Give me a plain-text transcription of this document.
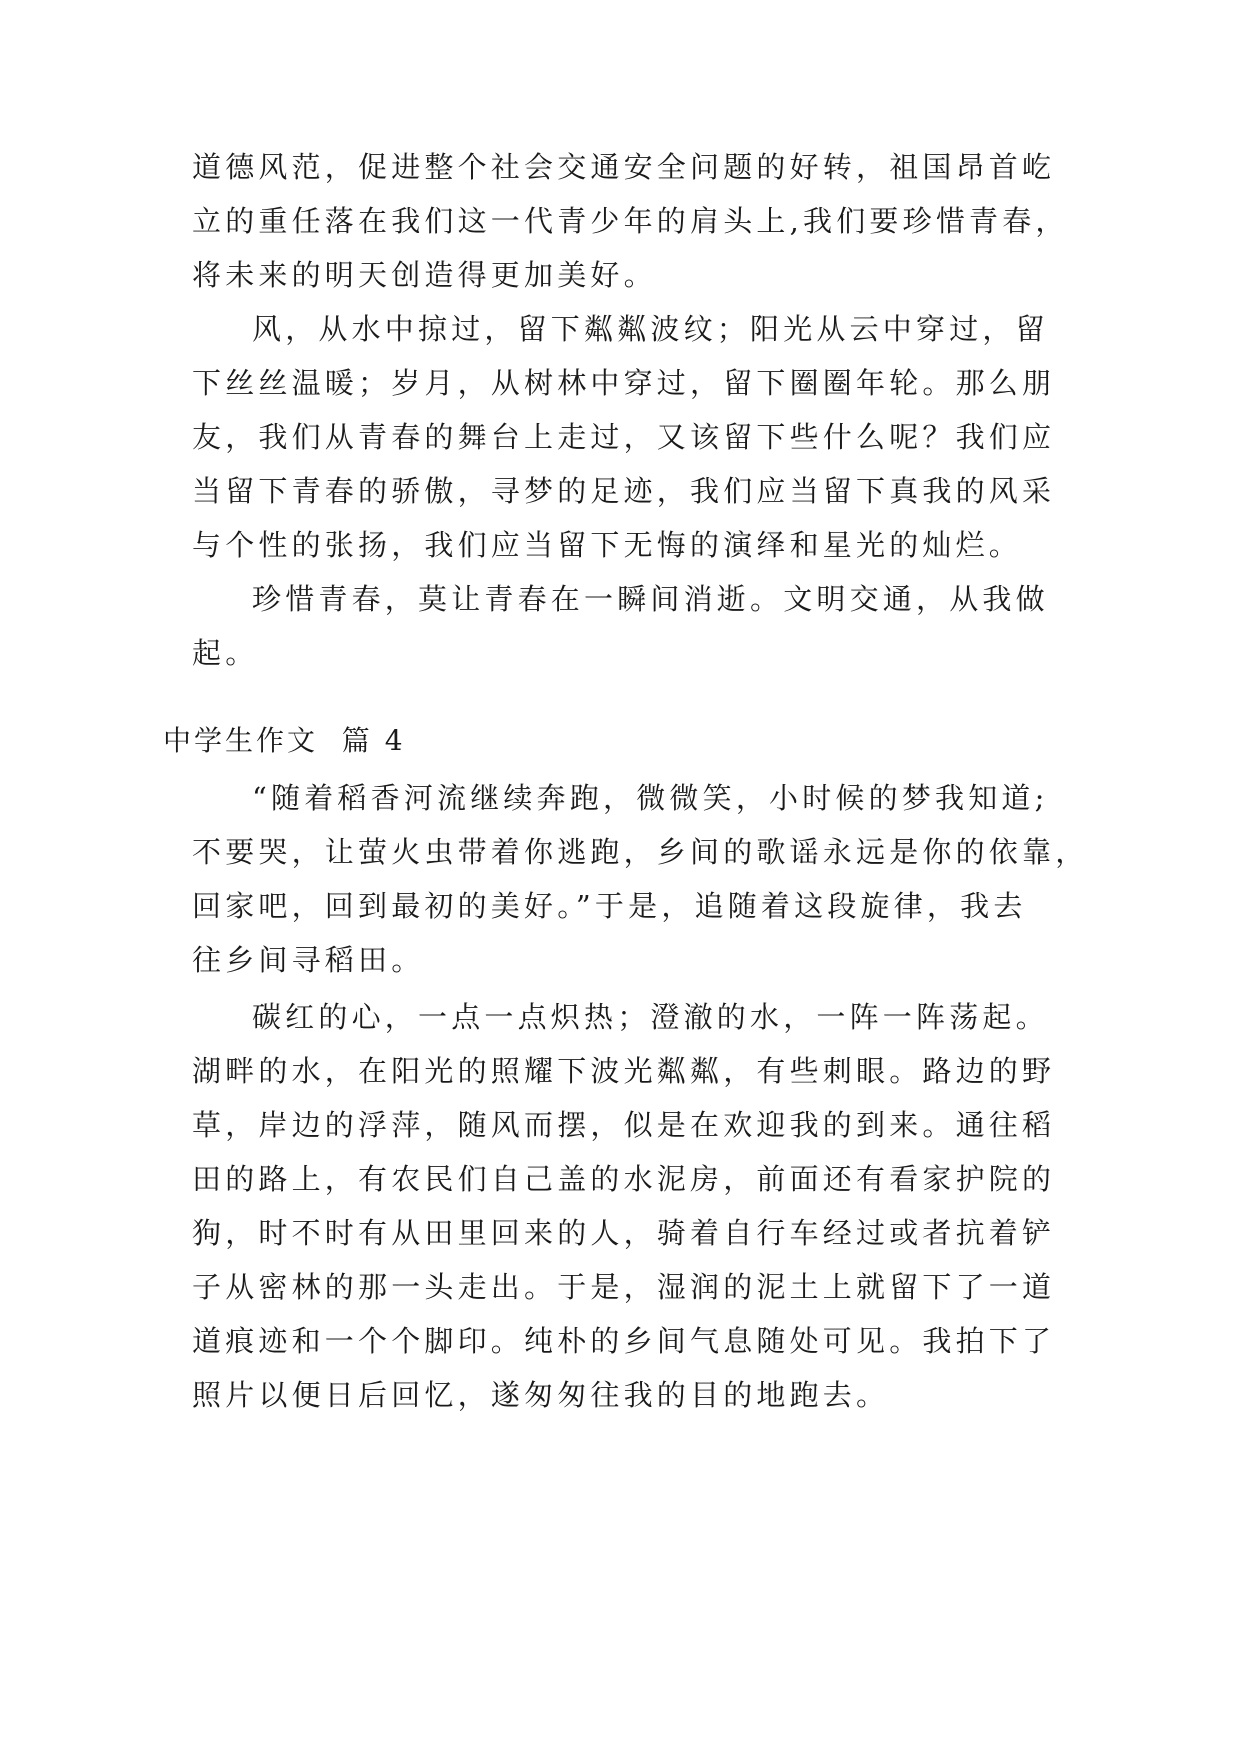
道德风范，促进整个社会交通安全问题的好转，祖国昂首屹
立的重任落在我们这一代青少年的肩头上,我们要珍惜青春，
将未来的明天创造得更加美好。
风，从水中掠过，留下粼粼波纹；阳光从云中穿过，留
下丝丝温暖；岁月，从树林中穿过，留下圈圈年轮。那么朋
友，我们从青春的舞台上走过，又该留下些什么呢？我们应
当留下青春的骄傲，寻梦的足迹，我们应当留下真我的风采
与个性的张扬，我们应当留下无悔的演绎和星光的灿烂。
珍惜青春，莫让青春在一瞬间消逝。文明交通，从我做
起。
中学生作文  篇 4
“随着稻香河流继续奔跑，微微笑，小时候的梦我知道;
不要哭，让萤火虫带着你逃跑，乡间的歌谣永远是你的依靠，
回家吧，回到最初的美好。”于是，追随着这段旋律，我去
往乡间寻稻田。
碳红的心，一点一点炽热；澄澈的水，一阵一阵荡起。
湖畔的水，在阳光的照耀下波光粼粼，有些刺眼。路边的野
草，岸边的浮萍，随风而摆，似是在欢迎我的到来。通往稻
田的路上，有农民们自己盖的水泥房，前面还有看家护院的
狗，时不时有从田里回来的人，骑着自行车经过或者抗着铲
子从密林的那一头走出。于是，湿润的泥土上就留下了一道
道痕迹和一个个脚印。纯朴的乡间气息随处可见。我拍下了
照片以便日后回忆，遂匆匆往我的目的地跑去。
